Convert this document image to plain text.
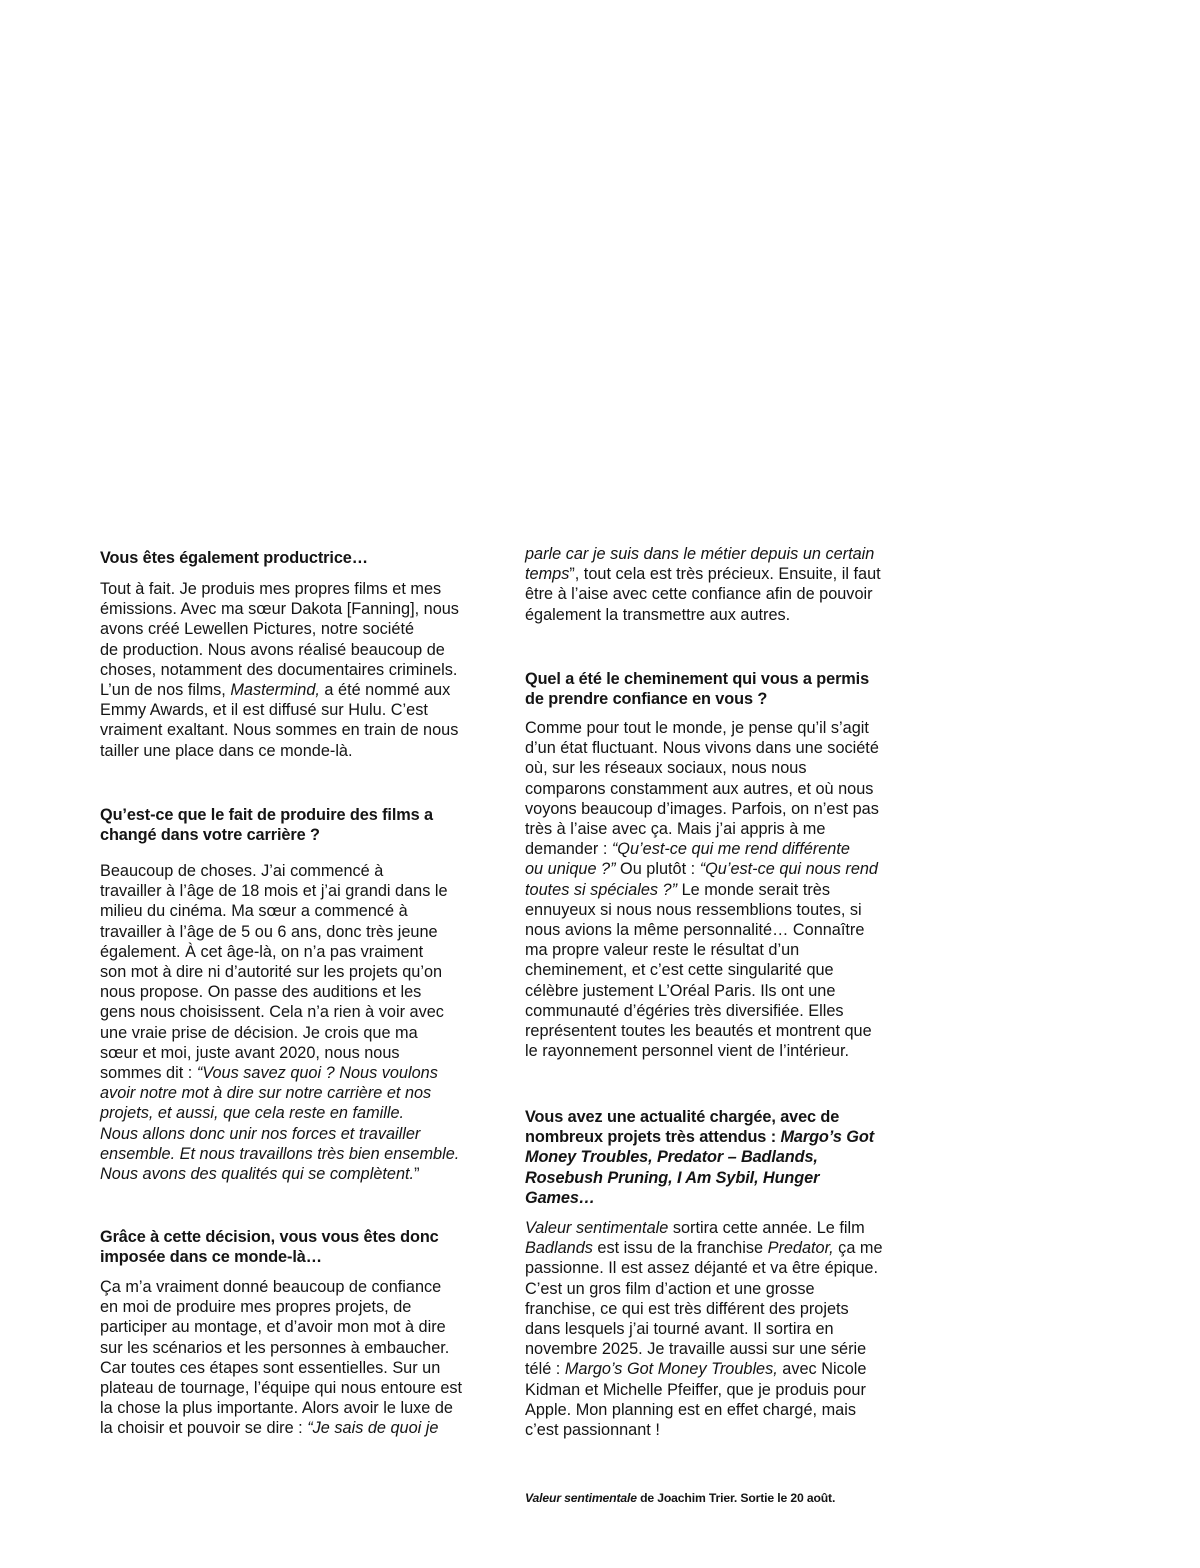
Vous êtes également productrice…
Tout à fait. Je produis mes propres films et mes
émissions. Avec ma sœur Dakota [Fanning], nous
avons créé Lewellen Pictures, notre société
de production. Nous avons réalisé beaucoup de
choses, notamment des documentaires criminels.
L’un de nos films, Mastermind, a été nommé aux
Emmy Awards, et il est diffusé sur Hulu. C’est
vraiment exaltant. Nous sommes en train de nous
tailler une place dans ce monde-là.
Qu’est-ce que le fait de produire des films a
changé dans votre carrière ?
Beaucoup de choses. J’ai commencé à
travailler à l’âge de 18 mois et j’ai grandi dans le
milieu du cinéma. Ma sœur a commencé à
travailler à l’âge de 5 ou 6 ans, donc très jeune
également. À cet âge-là, on n’a pas vraiment
son mot à dire ni d’autorité sur les projets qu’on
nous propose. On passe des auditions et les
gens nous choisissent. Cela n’a rien à voir avec
une vraie prise de décision. Je crois que ma
sœur et moi, juste avant 2020, nous nous
sommes dit : “Vous savez quoi ? Nous voulons
avoir notre mot à dire sur notre carrière et nos
projets, et aussi, que cela reste en famille.
Nous allons donc unir nos forces et travailler
ensemble. Et nous travaillons très bien ensemble.
Nous avons des qualités qui se complètent.”
Grâce à cette décision, vous vous êtes donc
imposée dans ce monde-là…
Ça m’a vraiment donné beaucoup de confiance
en moi de produire mes propres projets, de
participer au montage, et d’avoir mon mot à dire
sur les scénarios et les personnes à embaucher.
Car toutes ces étapes sont essentielles. Sur un
plateau de tournage, l’équipe qui nous entoure est
la chose la plus importante. Alors avoir le luxe de
la choisir et pouvoir se dire : “Je sais de quoi je
parle car je suis dans le métier depuis un certain
temps”, tout cela est très précieux. Ensuite, il faut
être à l’aise avec cette confiance afin de pouvoir
également la transmettre aux autres.
Quel a été le cheminement qui vous a permis
de prendre confiance en vous ?
Comme pour tout le monde, je pense qu’il s’agit
d’un état fluctuant. Nous vivons dans une société
où, sur les réseaux sociaux, nous nous
comparons constamment aux autres, et où nous
voyons beaucoup d’images. Parfois, on n’est pas
très à l’aise avec ça. Mais j’ai appris à me
demander : “Qu’est-ce qui me rend différente
ou unique ?” Ou plutôt : “Qu’est-ce qui nous rend
toutes si spéciales ?” Le monde serait très
ennuyeux si nous nous ressemblions toutes, si
nous avions la même personnalité… Connaître
ma propre valeur reste le résultat d’un
cheminement, et c’est cette singularité que
célèbre justement L’Oréal Paris. Ils ont une
communauté d’égéries très diversifiée. Elles
représentent toutes les beautés et montrent que
le rayonnement personnel vient de l’intérieur.
Vous avez une actualité chargée, avec de
nombreux projets très attendus : Margo’s Got
Money Troubles, Predator – Badlands,
Rosebush Pruning, I Am Sybil, Hunger
Games…
Valeur sentimentale sortira cette année. Le film
Badlands est issu de la franchise Predator, ça me
passionne. Il est assez déjanté et va être épique.
C’est un gros film d’action et une grosse
franchise, ce qui est très différent des projets
dans lesquels j’ai tourné avant. Il sortira en
novembre 2025. Je travaille aussi sur une série
télé : Margo’s Got Money Troubles, avec Nicole
Kidman et Michelle Pfeiffer, que je produis pour
Apple. Mon planning est en effet chargé, mais
c’est passionnant !
Valeur sentimentale de Joachim Trier. Sortie le 20 août.
